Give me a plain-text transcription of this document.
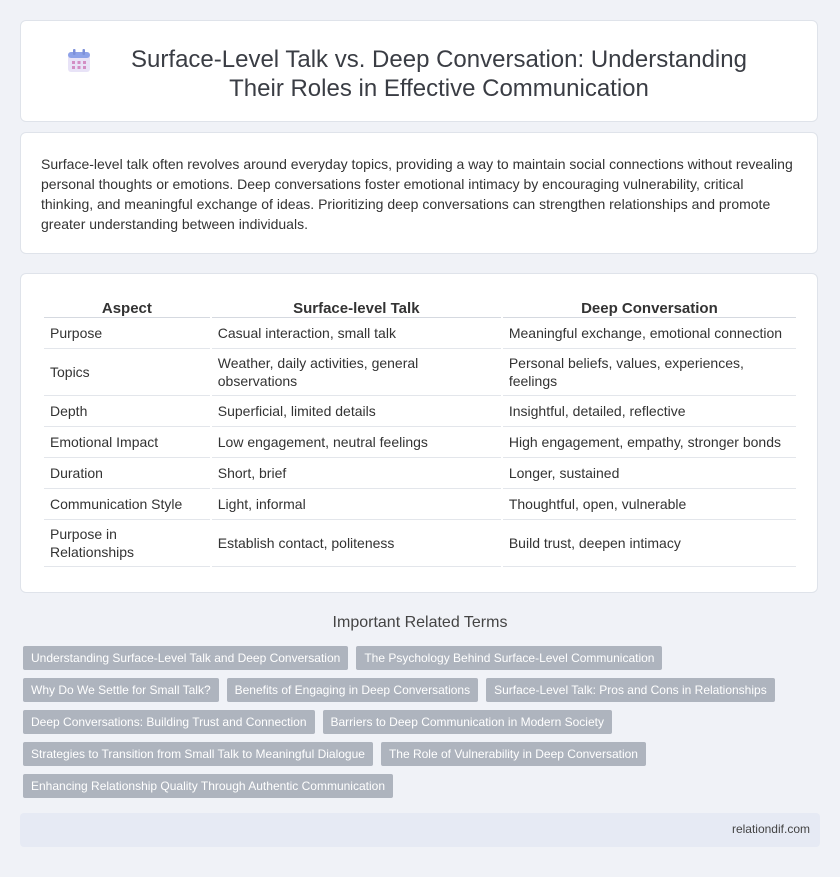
Surface-Level Talk vs. Deep Conversation: Understanding Their Roles in Effective Communication
Surface-level talk often revolves around everyday topics, providing a way to maintain social connections without revealing personal thoughts or emotions. Deep conversations foster emotional intimacy by encouraging vulnerability, critical thinking, and meaningful exchange of ideas. Prioritizing deep conversations can strengthen relationships and promote greater understanding between individuals.
Aspect	Surface-level Talk	Deep Conversation
Purpose	Casual interaction, small talk	Meaningful exchange, emotional connection
Topics	Weather, daily activities, general observations	Personal beliefs, values, experiences, feelings
Depth	Superficial, limited details	Insightful, detailed, reflective
Emotional Impact	Low engagement, neutral feelings	High engagement, empathy, stronger bonds
Duration	Short, brief	Longer, sustained
Communication Style	Light, informal	Thoughtful, open, vulnerable
Purpose in Relationships	Establish contact, politeness	Build trust, deepen intimacy
Important Related Terms
Understanding Surface-Level Talk and Deep Conversation	The Psychology Behind Surface-Level Communication
Why Do We Settle for Small Talk?	Benefits of Engaging in Deep Conversations	Surface-Level Talk: Pros and Cons in Relationships
Deep Conversations: Building Trust and Connection	Barriers to Deep Communication in Modern Society
Strategies to Transition from Small Talk to Meaningful Dialogue	The Role of Vulnerability in Deep Conversation
Enhancing Relationship Quality Through Authentic Communication
relationdif.com
